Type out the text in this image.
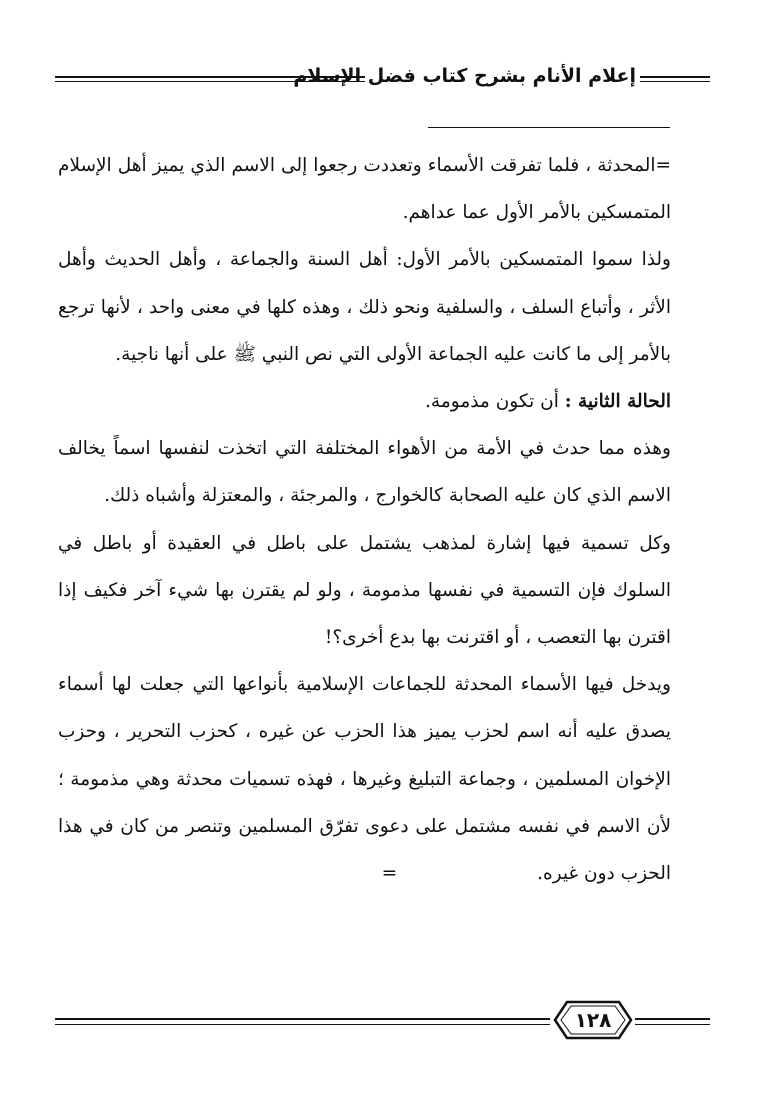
إعلام الأنام بشرح كتاب فضل الإسلام

=المحدثة ، فلما تفرقت الأسماء وتعددت رجعوا إلى الاسم الذي يميز أهل الإسلام المتمسكين بالأمر الأول عما عداهم.

ولذا سموا المتمسكين بالأمر الأول: أهل السنة والجماعة ، وأهل الحديث وأهل الأثر ، وأتباع السلف ، والسلفية ونحو ذلك ، وهذه كلها في معنى واحد ، لأنها ترجع بالأمر إلى ما كانت عليه الجماعة الأولى التي نص النبي ﷺ على أنها ناجية.

الحالة الثانية : أن تكون مذمومة.

وهذه مما حدث في الأمة من الأهواء المختلفة التي اتخذت لنفسها اسماً يخالف الاسم الذي كان عليه الصحابة كالخوارج ، والمرجئة ، والمعتزلة وأشباه ذلك.

وكل تسمية فيها إشارة لمذهب يشتمل على باطل في العقيدة أو باطل في السلوك فإن التسمية في نفسها مذمومة ، ولو لم يقترن بها شيء آخر فكيف إذا اقترن بها التعصب ، أو اقترنت بها بدع أخرى؟!

ويدخل فيها الأسماء المحدثة للجماعات الإسلامية بأنواعها التي جعلت لها أسماء يصدق عليه أنه اسم لحزب يميز هذا الحزب عن غيره ، كحزب التحرير ، وحزب الإخوان المسلمين ، وجماعة التبليغ وغيرها ، فهذه تسميات محدثة وهي مذمومة ؛ لأن الاسم في نفسه مشتمل على دعوى تفرّق المسلمين وتنصر من كان في هذا الحزب دون غيره.=

١٢٨
